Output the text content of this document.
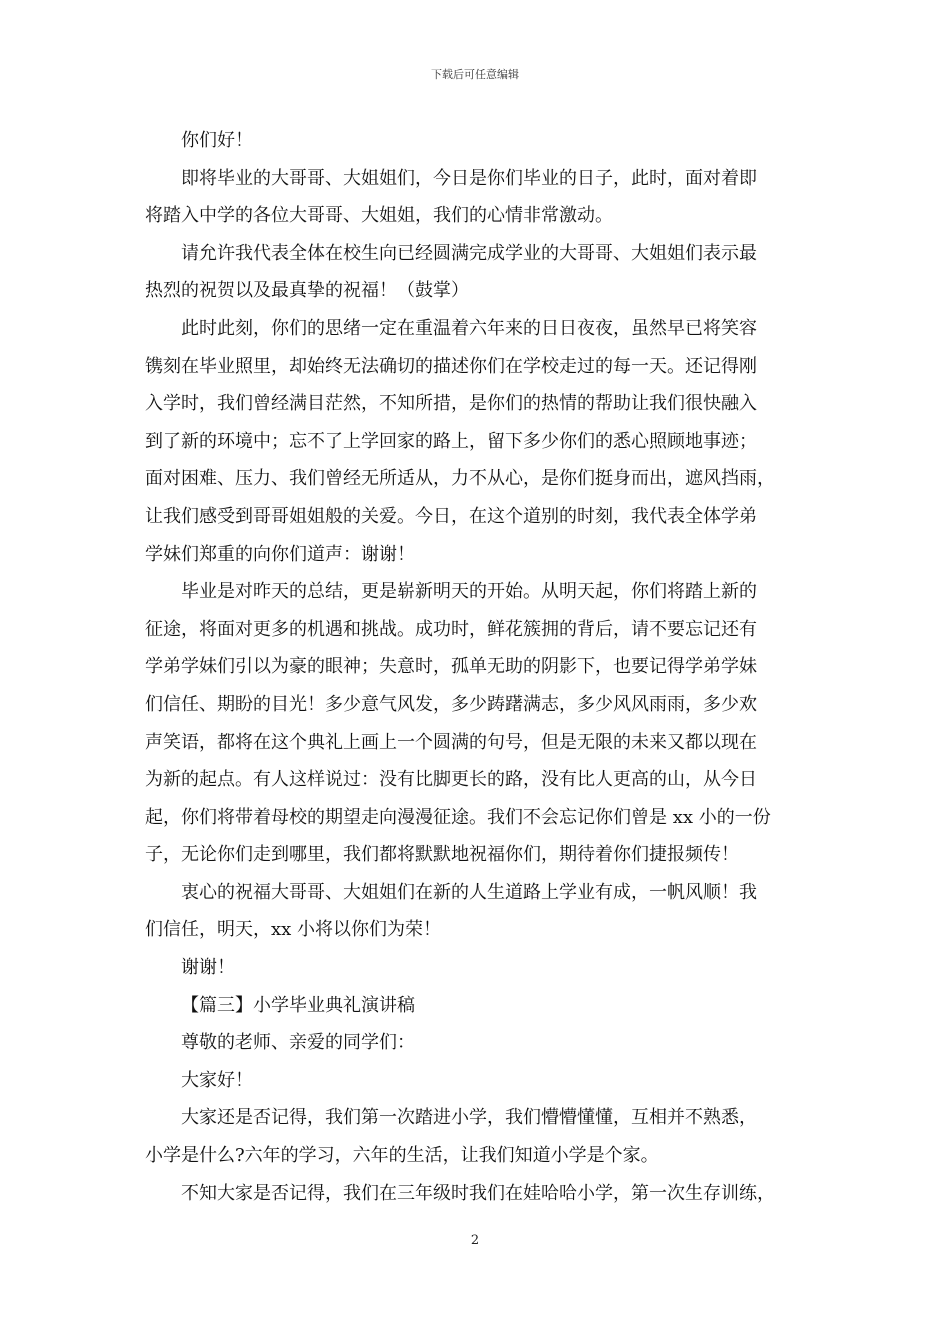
下载后可任意编辑
你们好！
即将毕业的大哥哥、大姐姐们，今日是你们毕业的日子，此时，面对着即
将踏入中学的各位大哥哥、大姐姐，我们的心情非常激动。
请允许我代表全体在校生向已经圆满完成学业的大哥哥、大姐姐们表示最
热烈的祝贺以及最真挚的祝福！（鼓掌）
此时此刻，你们的思绪一定在重温着六年来的日日夜夜，虽然早已将笑容
镌刻在毕业照里，却始终无法确切的描述你们在学校走过的每一天。还记得刚
入学时，我们曾经满目茫然，不知所措，是你们的热情的帮助让我们很快融入
到了新的环境中；忘不了上学回家的路上，留下多少你们的悉心照顾地事迹；
面对困难、压力、我们曾经无所适从，力不从心，是你们挺身而出，遮风挡雨，
让我们感受到哥哥姐姐般的关爱。今日，在这个道别的时刻，我代表全体学弟
学妹们郑重的向你们道声：谢谢！
毕业是对昨天的总结，更是崭新明天的开始。从明天起，你们将踏上新的
征途，将面对更多的机遇和挑战。成功时，鲜花簇拥的背后，请不要忘记还有
学弟学妹们引以为豪的眼神；失意时，孤单无助的阴影下，也要记得学弟学妹
们信任、期盼的目光！多少意气风发，多少踌躇满志，多少风风雨雨，多少欢
声笑语，都将在这个典礼上画上一个圆满的句号，但是无限的未来又都以现在
为新的起点。有人这样说过：没有比脚更长的路，没有比人更高的山，从今日
起，你们将带着母校的期望走向漫漫征途。我们不会忘记你们曾是 xx 小的一份
子，无论你们走到哪里，我们都将默默地祝福你们，期待着你们捷报频传！
衷心的祝福大哥哥、大姐姐们在新的人生道路上学业有成，一帆风顺！我
们信任，明天，xx 小将以你们为荣！
谢谢！
【篇三】小学毕业典礼演讲稿
尊敬的老师、亲爱的同学们：
大家好！
大家还是否记得，我们第一次踏进小学，我们懵懵懂懂，互相并不熟悉，
小学是什么?六年的学习，六年的生活，让我们知道小学是个家。
不知大家是否记得，我们在三年级时我们在娃哈哈小学，第一次生存训练，
2
